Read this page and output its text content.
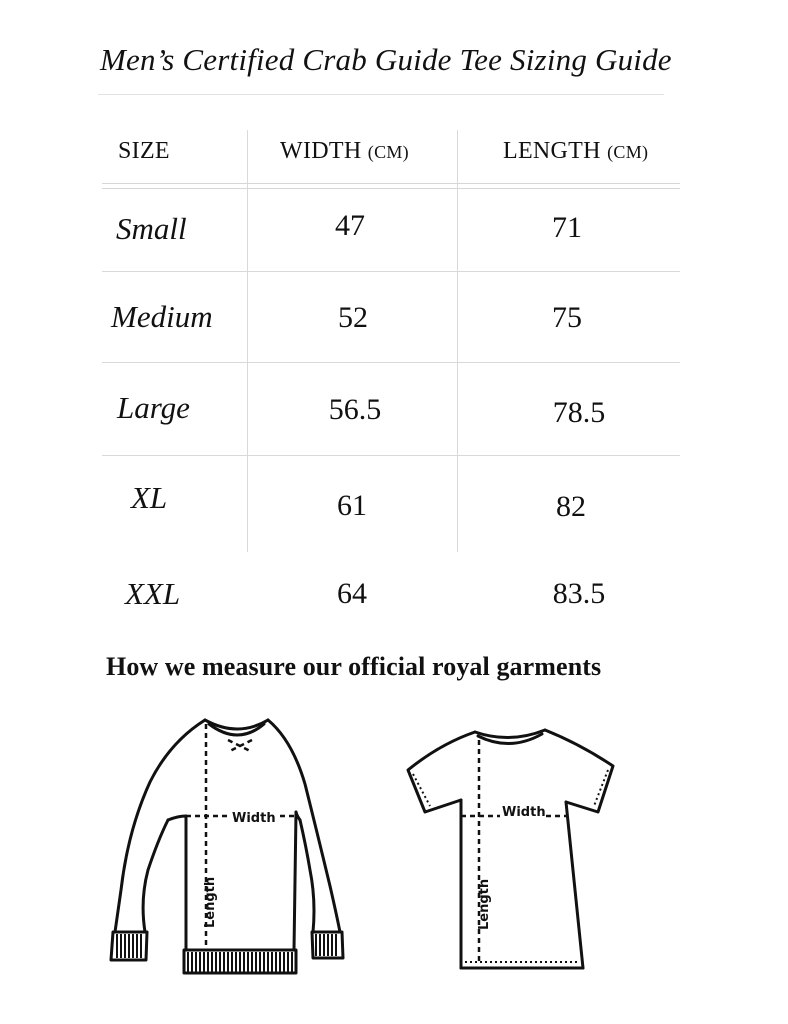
Men’s Certified Crab Guide Tee Sizing Guide
SIZE	WIDTH (CM)	LENGTH (CM)
Small	47	71
Medium	52	75
Large	56.5	78.5
XL	61	82
XXL	64	83.5
How we measure our official royal garments
Width
Length
Width
Length
